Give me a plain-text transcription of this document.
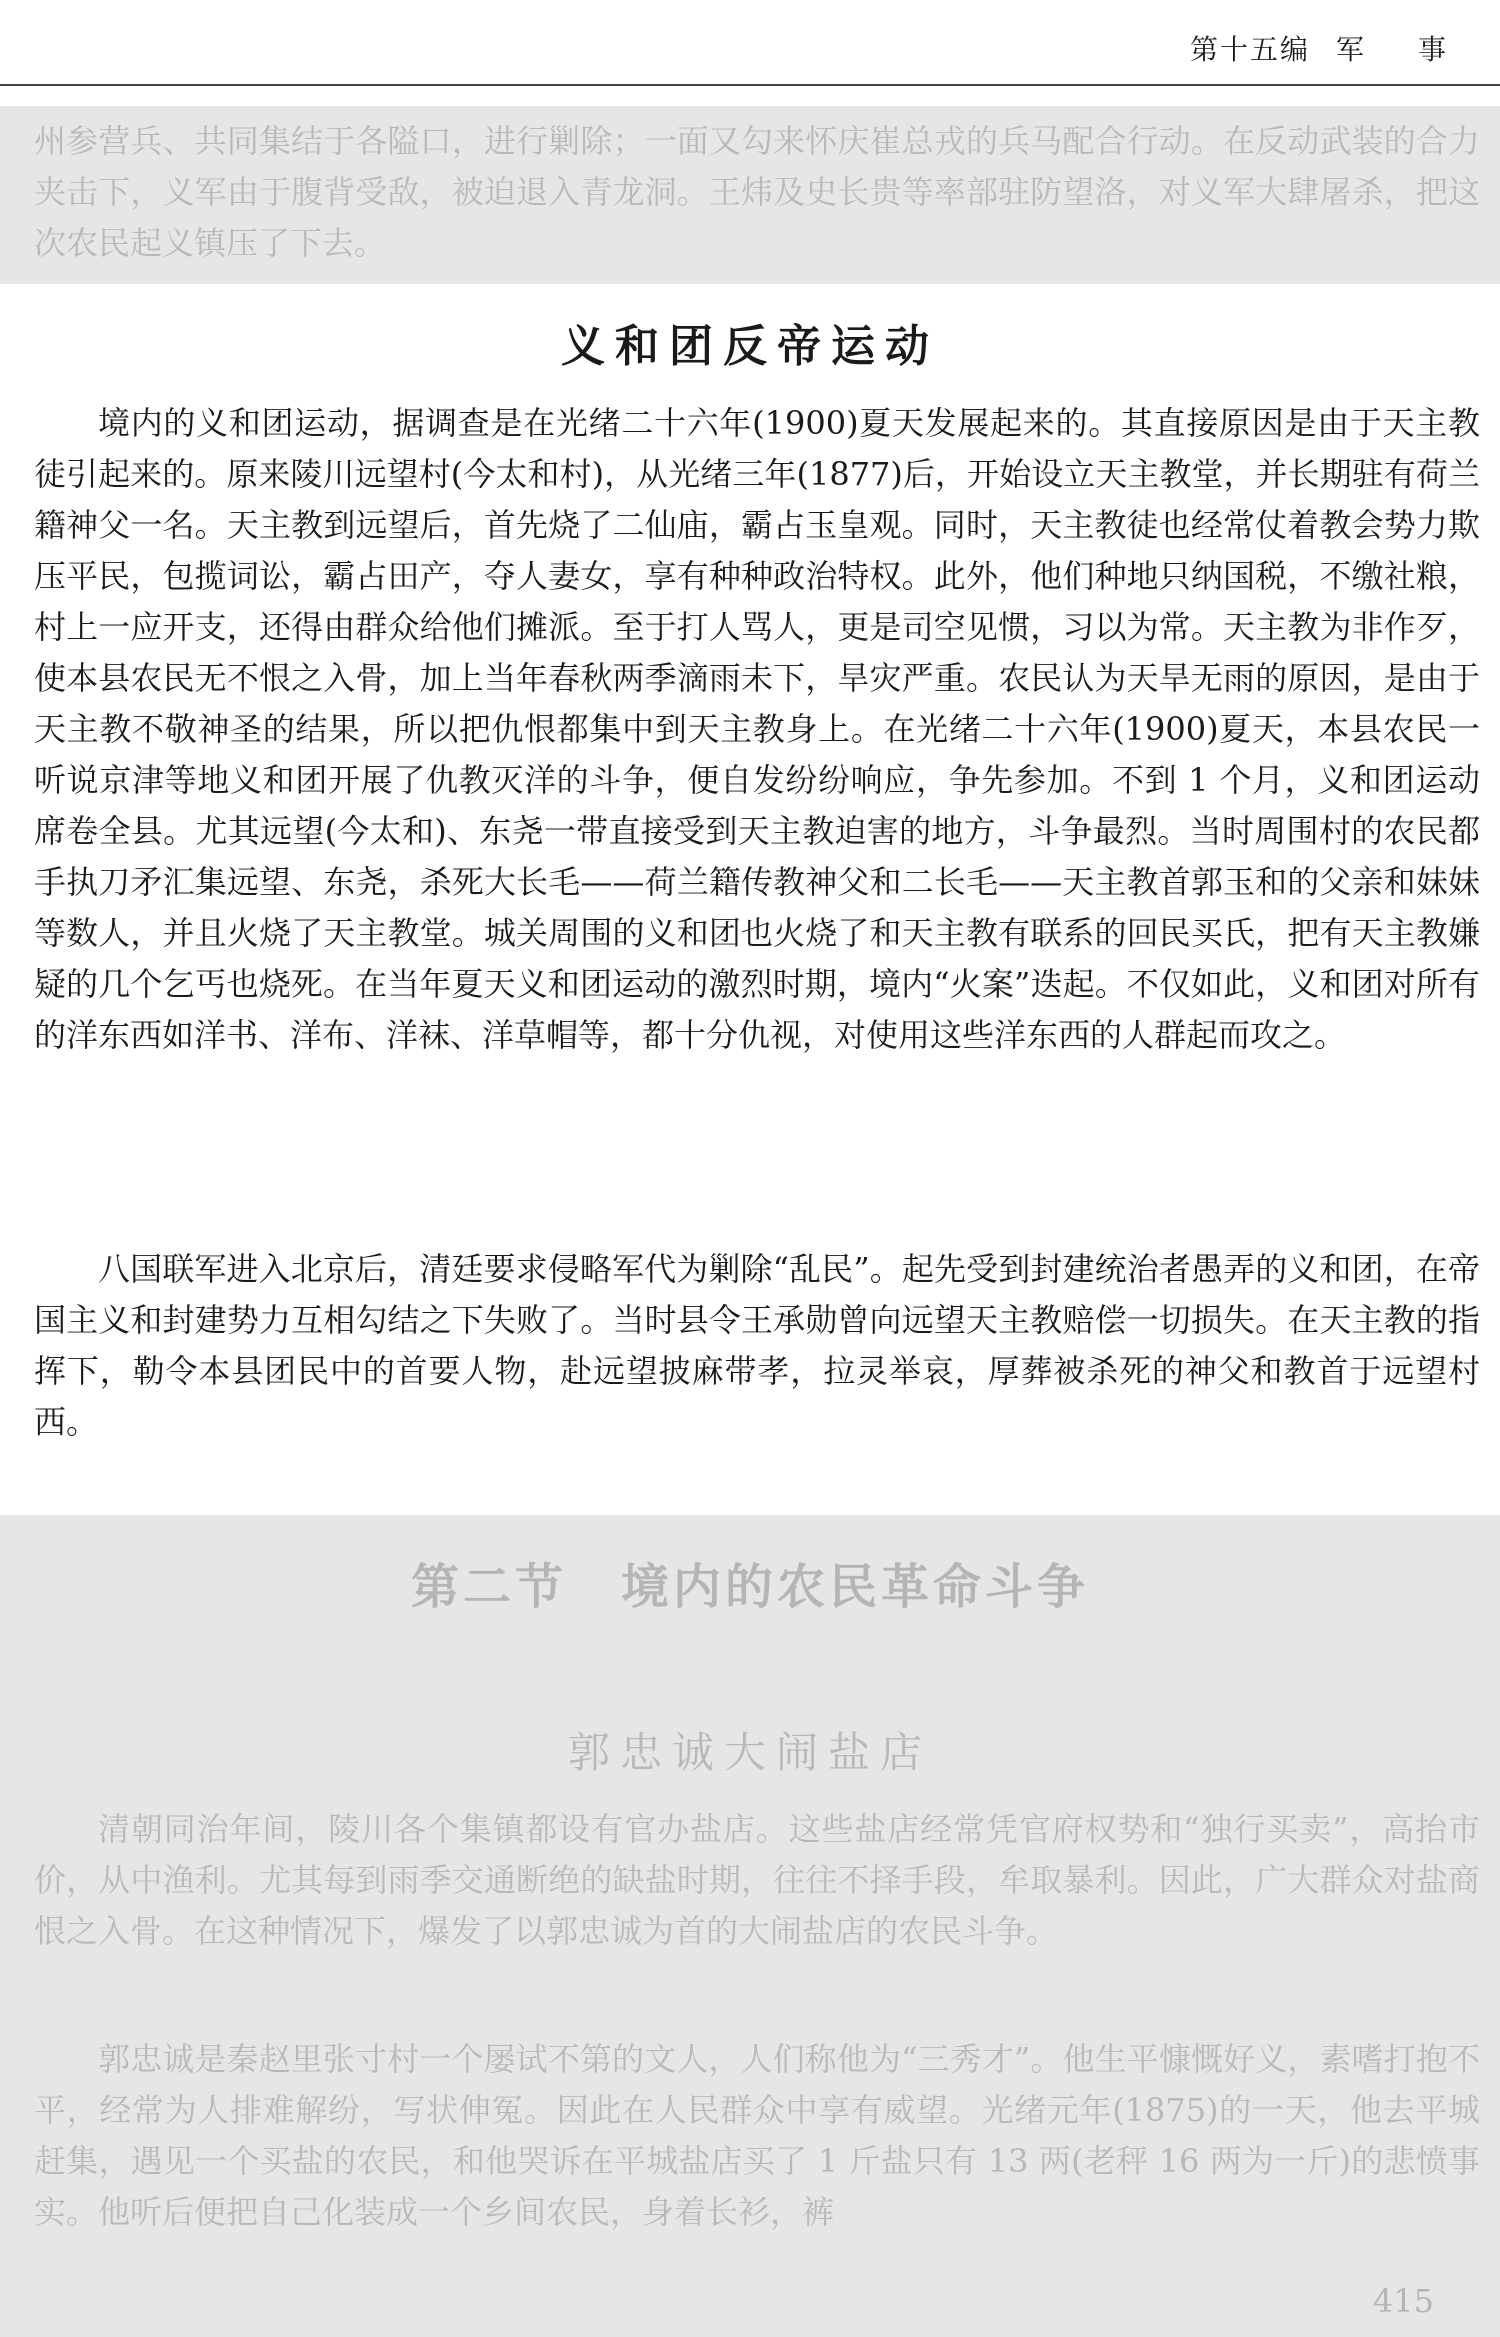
第十五编 军 事

州参营兵、共同集结于各隘口，进行剿除；一面又勾来怀庆崔总戎的兵马配合行动。在反动武装的合力夹击下，义军由于腹背受敌，被迫退入青龙洞。王炜及史长贵等率部驻防望洛，对义军大肆屠杀，把这次农民起义镇压了下去。

义和团反帝运动

境内的义和团运动，据调查是在光绪二十六年(1900)夏天发展起来的。其直接原因是由于天主教徒引起来的。原来陵川远望村(今太和村)，从光绪三年(1877)后，开始设立天主教堂，并长期驻有荷兰籍神父一名。天主教到远望后，首先烧了二仙庙，霸占玉皇观。同时，天主教徒也经常仗着教会势力欺压平民，包揽词讼，霸占田产，夺人妻女，享有种种政治特权。此外，他们种地只纳国税，不缴社粮，村上一应开支，还得由群众给他们摊派。至于打人骂人，更是司空见惯，习以为常。天主教为非作歹，使本县农民无不恨之入骨，加上当年春秋两季滴雨未下，旱灾严重。农民认为天旱无雨的原因，是由于天主教不敬神圣的结果，所以把仇恨都集中到天主教身上。在光绪二十六年(1900)夏天，本县农民一听说京津等地义和团开展了仇教灭洋的斗争，便自发纷纷响应，争先参加。不到 1 个月，义和团运动席卷全县。尤其远望(今太和)、东尧一带直接受到天主教迫害的地方，斗争最烈。当时周围村的农民都手执刀矛汇集远望、东尧，杀死大长毛——荷兰籍传教神父和二长毛——天主教首郭玉和的父亲和妹妹等数人，并且火烧了天主教堂。城关周围的义和团也火烧了和天主教有联系的回民买氏，把有天主教嫌疑的几个乞丐也烧死。在当年夏天义和团运动的激烈时期，境内“火案”迭起。不仅如此，义和团对所有的洋东西如洋书、洋布、洋袜、洋草帽等，都十分仇视，对使用这些洋东西的人群起而攻之。

八国联军进入北京后，清廷要求侵略军代为剿除“乱民”。起先受到封建统治者愚弄的义和团，在帝国主义和封建势力互相勾结之下失败了。当时县令王承勋曾向远望天主教赔偿一切损失。在天主教的指挥下，勒令本县团民中的首要人物，赴远望披麻带孝，拉灵举哀，厚葬被杀死的神父和教首于远望村西。

第二节 境内的农民革命斗争
郭忠诚大闹盐店

清朝同治年间，陵川各个集镇都设有官办盐店。这些盐店经常凭官府权势和“独行买卖”，高抬市价，从中渔利。尤其每到雨季交通断绝的缺盐时期，往往不择手段，牟取暴利。因此，广大群众对盐商恨之入骨。在这种情况下，爆发了以郭忠诚为首的大闹盐店的农民斗争。

郭忠诚是秦赵里张寸村一个屡试不第的文人，人们称他为“三秀才”。他生平慷慨好义，素嗜打抱不平，经常为人排难解纷，写状伸冤。因此在人民群众中享有威望。光绪元年(1875)的一天，他去平城赶集，遇见一个买盐的农民，和他哭诉在平城盐店买了 1 斤盐只有 13 两(老秤 16 两为一斤)的悲愤事实。他听后便把自己化装成一个乡间农民，身着长衫，裤

415
